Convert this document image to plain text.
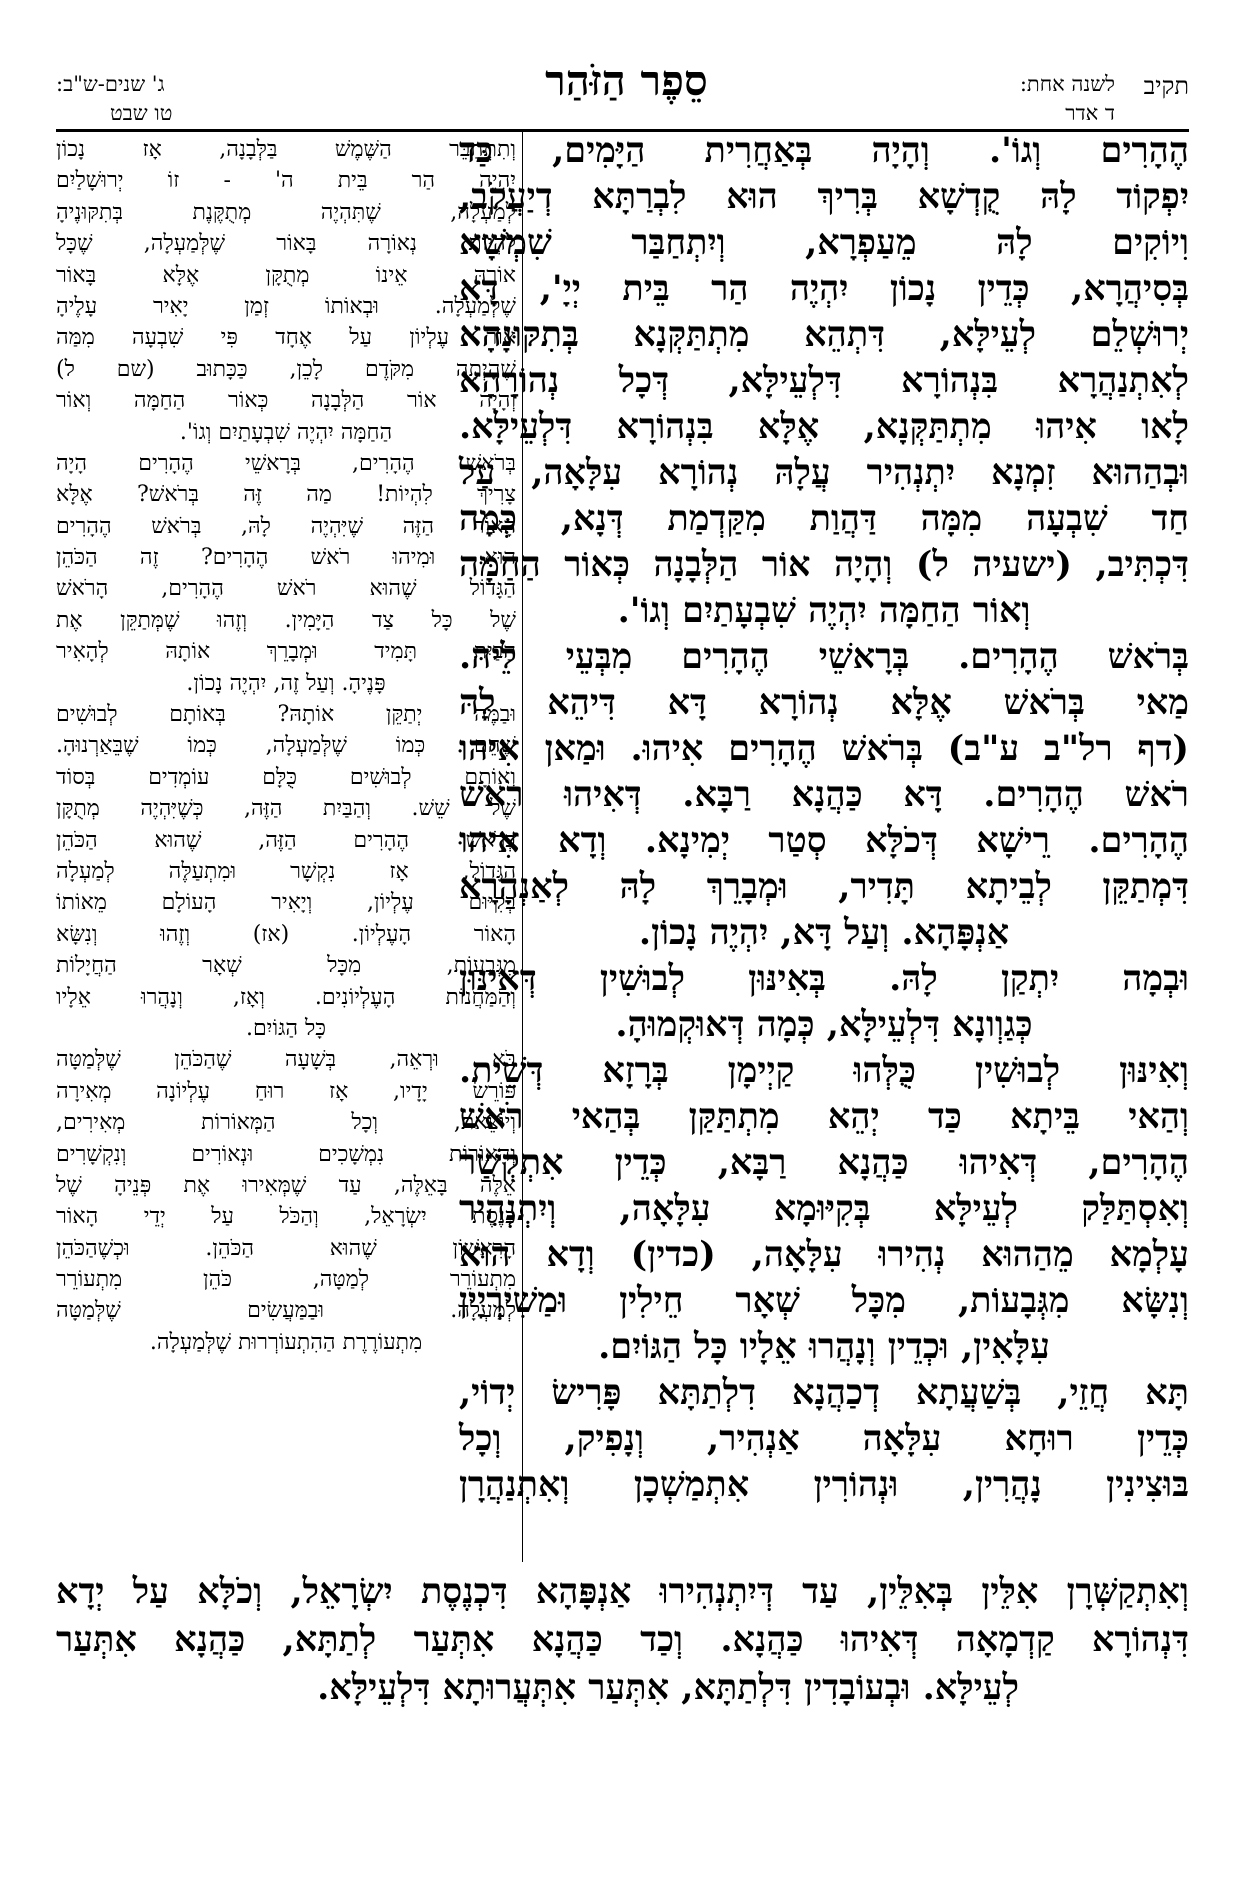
תקיב
לשנה אחת:
ד אדר
סֵפֶר הַזֹּהַר
ג' שנים-ש"ב:
טו שבט
הֶהָרִים וְגוֹ'. וְהָיָה בְּאַחֲרִית הַיָּמִים, כַּד
יִפְקוֹד לָהּ קֻדְשָׁא בְּרִיךְ הוּא לִבְרַתָּא דְיַעֲקֹב,
וִיוֹקִים לָהּ מֵעַפְרָא, וְיִתְחַבַּר שִׁמְשָׁא
בְּסִיהֲרָא, כְּדֵין נָכוֹן יִהְיֶה הַר בֵּית יְיָ', דָּא
יְרוּשְׁלֵם לְעֵילָּא, דִּתְהֵא מִתְתַּקְּנָא בְּתִקּוּנָהָא
לְאִתְנַהֲרָא בִּנְהוֹרָא דִּלְעֵילָּא, דְּכָל נְהוֹרָהָא
לָאו אִיהוּ מִתְתַּקְּנָא, אֶלָּא בִּנְהוֹרָא דִּלְעֵילָּא.
וּבְהַהוּא זִמְנָא יִתְנְהִיר עֲלָהּ נְהוֹרָא עִלָּאָה, עַל
חַד שִׁבְעָה מִמָּה דַּהֲוַת מִקַּדְמַת דְּנָא, כְּמָה
דִּכְתִּיב, (ישעיה ל) וְהָיָה אוֹר הַלְּבָנָה כְּאוֹר הַחַמָּה
וְאוֹר הַחַמָּה יִהְיֶה שִׁבְעָתַיִם וְגוֹ'.
בְּרֹאשׁ הֶהָרִים. בְּרָאשֵׁי הֶהָרִים מִבְּעֵי לֵיהּ.
מַאי בְּרֹאשׁ אֶלָּא נְהוֹרָא דָּא דִּיהֵא לָהּ
(דף רל"ב ע"ב) בְּרֹאשׁ הֶהָרִים אִיהוּ. וּמַאן אִיהוּ
רֹאשׁ הֶהָרִים. דָּא כַּהֲנָא רַבָּא. דְּאִיהוּ רֹאשׁ
הֶהָרִים. רֵישָׁא דְּכֹלָּא סְטַר יְמִינָא. וְדָא אִיהוּ
דִּמְתַקֵּן לְבֵיתָא תָּדִיר, וּמְבָרֵךְ לָהּ לְאַנְהָרָא
אַנְפָּהָא. וְעַל דָּא, יִהְיֶה נָכוֹן.
וּבְמָה יִתְקַן לָהּ. בְּאִינּוּן לְבוּשִׁין דְּאִינּוּן
כְּגַוְונָא דִּלְעֵילָּא, כְּמָה דְּאוּקְמוּהָ.
וְאִינּוּן לְבוּשִׁין כֻּלְּהוּ קַיְימָן בְּרָזָא דְּשֵׁית.
וְהַאי בֵּיתָא כַּד יְהֵא מִתְתַּקַּן בְּהַאי רֹאשׁ
הֶהָרִים, דְּאִיהוּ כַּהֲנָא רַבָּא, כְּדֵין אִתְקְשַׁר
וְאִסְתַּלַּק לְעֵילָּא בְּקִיּוּמָא עִלָּאָה, וְיִתְנְהִיר
עָלְמָא מֵהַהוּא נְהִירוּ עִלָּאָה, (כדין) וְדָא הוּא
וְנִשָּׂא מִגְּבָעוֹת, מִכָּל שְׁאָר חֵילִין וּמַשִׁירְיָין
עִלָּאִין, וּכְדֵין וְנָהֲרוּ אֵלָיו כָּל הַגּוֹיִם.
תָּא חֲזֵי, בְּשַׁעֲתָא דְכַהֲנָא דִלְתַתָּא פָּרִישׂ יְדוֹי,
כְּדֵין רוּחָא עִלָּאָה אַנְהִיר, וְנָפִיק, וְכָל
בּוּצִינִין נָהֲרִין, וּנְהוֹרִין אִתְמַשְׁכָן וְאִתְנַהֲרָן
וְתִתְחַבֵּר הַשֶּׁמֶשׁ בַּלְּבָנָה, אָז נָכוֹן
יִהְיֶה הַר בֵּית ה' - זוֹ יְרוּשָׁלַיִם
לְמַעְלָה, שֶׁתִּהְיֶה מְתֻקֶּנֶת בְּתִקּוּנֶיהָ
לִהְיוֹת נְאוֹרָה בָּאוֹר שֶׁלְּמַעְלָה, שֶׁכָּל
אוֹרָהּ אֵינוֹ מְתֻקָּן אֶלָּא בָּאוֹר
שֶׁלְּמַעְלָה. וּבְאוֹתוֹ זְמַן יָאִיר עָלֶיהָ
אוֹר עֶלְיוֹן עַל אֶחָד פִּי שִׁבְעָה מִמַּה
שֶׁהָיְתָה מִקֹּדֶם לָכֵן, כַּכָּתוּב (שם ל)
וְהָיָה אוֹר הַלְּבָנָה כְּאוֹר הַחַמָּה וְאוֹר
הַחַמָּה יִהְיֶה שִׁבְעָתַיִם וְגוֹ'.
בְּרֹאשׁ הֶהָרִים, בְּרָאשֵׁי הֶהָרִים הָיָה
צָרִיךְ לִהְיוֹת! מַה זֶּה בְּרֹאשׁ? אֶלָּא
הָאוֹר הַזֶּה שֶׁיִּהְיֶה לָהּ, בְּרֹאשׁ הֶהָרִים
הוּא. וּמִיהוּ רֹאשׁ הֶהָרִים? זֶה הַכֹּהֵן
הַגָּדוֹל שֶׁהוּא רֹאשׁ הֶהָרִים, הָרֹאשׁ
שֶׁל כָּל צַד הַיָּמִין. וְזֶהוּ שֶׁמְּתַקֵּן אֶת
הַבַּיִת תָּמִיד וּמְבָרֵךְ אוֹתָהּ לְהָאִיר
פָּנֶיהָ. וְעַל זֶה, יִהְיֶה נָכוֹן.
וּבַמֶּה יְתַקֵּן אוֹתָהּ? בְּאוֹתָם לְבוּשִׁים
שֶׁהֵם כְּמוֹ שֶׁלְּמַעְלָה, כְּמוֹ שֶׁבֵּאַרְנוּהָ.
וְאוֹתָם לְבוּשִׁים כֻּלָּם עוֹמְדִים בְּסוֹד
שֶׁל שֵׁשׁ. וְהַבַּיִת הַזֶּה, כְּשֶׁיִּהְיֶה מְתֻקָּן
בְּרֹאשׁ הֶהָרִים הַזֶּה, שֶׁהוּא הַכֹּהֵן
הַגָּדוֹל, אָז נִקְשָׁר וּמִתְעַלֶּה לְמַעְלָה
בְּקִיּוּם עֶלְיוֹן, וְיָאִיר הָעוֹלָם מֵאוֹתוֹ
הָאוֹר הָעֶלְיוֹן. (אז) וְזֶהוּ וְנִשָּׂא
מִגְּבָעוֹת, מִכָּל שְׁאָר הַחֲיָלוֹת
וְהַמַּחֲנוֹת הָעֶלְיוֹנִים. וְאָז, וְנָהֲרוּ אֵלָיו
כָּל הַגּוֹיִם.
בֹּא וּרְאֵה, בְּשָׁעָה שֶׁהַכֹּהֵן שֶׁלְּמַטָּה
פּוֹרֵשׂ יָדָיו, אָז רוּחַ עֶלְיוֹנָה מְאִירָה
וְיוֹצֵאת, וְכָל הַמְּאוֹרוֹת מְאִירִים,
וְהָאוֹרוֹת נִמְשָׁכִים וּנְאוֹרִים וְנִקְשָׁרִים
אֵלֶּה בָּאֵלֶּה, עַד שֶׁמְּאִירוּ אֶת פְּנֵיהָ שֶׁל
כְּנֶסֶת יִשְׂרָאֵל, וְהַכֹּל עַל יְדֵי הָאוֹר
הָרִאשׁוֹן שֶׁהוּא הַכֹּהֵן. וּכְשֶׁהַכֹּהֵן
מִתְעוֹרֵר לְמַטָּה, כֹּהֵן מִתְעוֹרֵר
לְמַעְלָה. וּבַמַּעֲשִׂים שֶׁלְּמַטָּה
מִתְעוֹרֶרֶת הַהִתְעוֹרְרוּת שֶׁלְּמַעְלָה.
וְאִתְקַשְּׁרָן אִלֵּין בְּאִלֵּין, עַד דְּיִתְנְהִירוּ אַנְפָּהָא דִּכְנֶסֶת יִשְׂרָאֵל, וְכֹלָּא עַל יְדָא
דִּנְהוֹרָא קַדְמָאָה דְּאִיהוּ כַּהֲנָא. וְכַד כַּהֲנָא אִתְּעַר לְתַתָּא, כַּהֲנָא אִתְּעַר
לְעֵילָּא. וּבְעוֹבָדִין דִּלְתַתָּא, אִתְּעַר אִתְּעֲרוּתָא דִּלְעֵילָּא.
